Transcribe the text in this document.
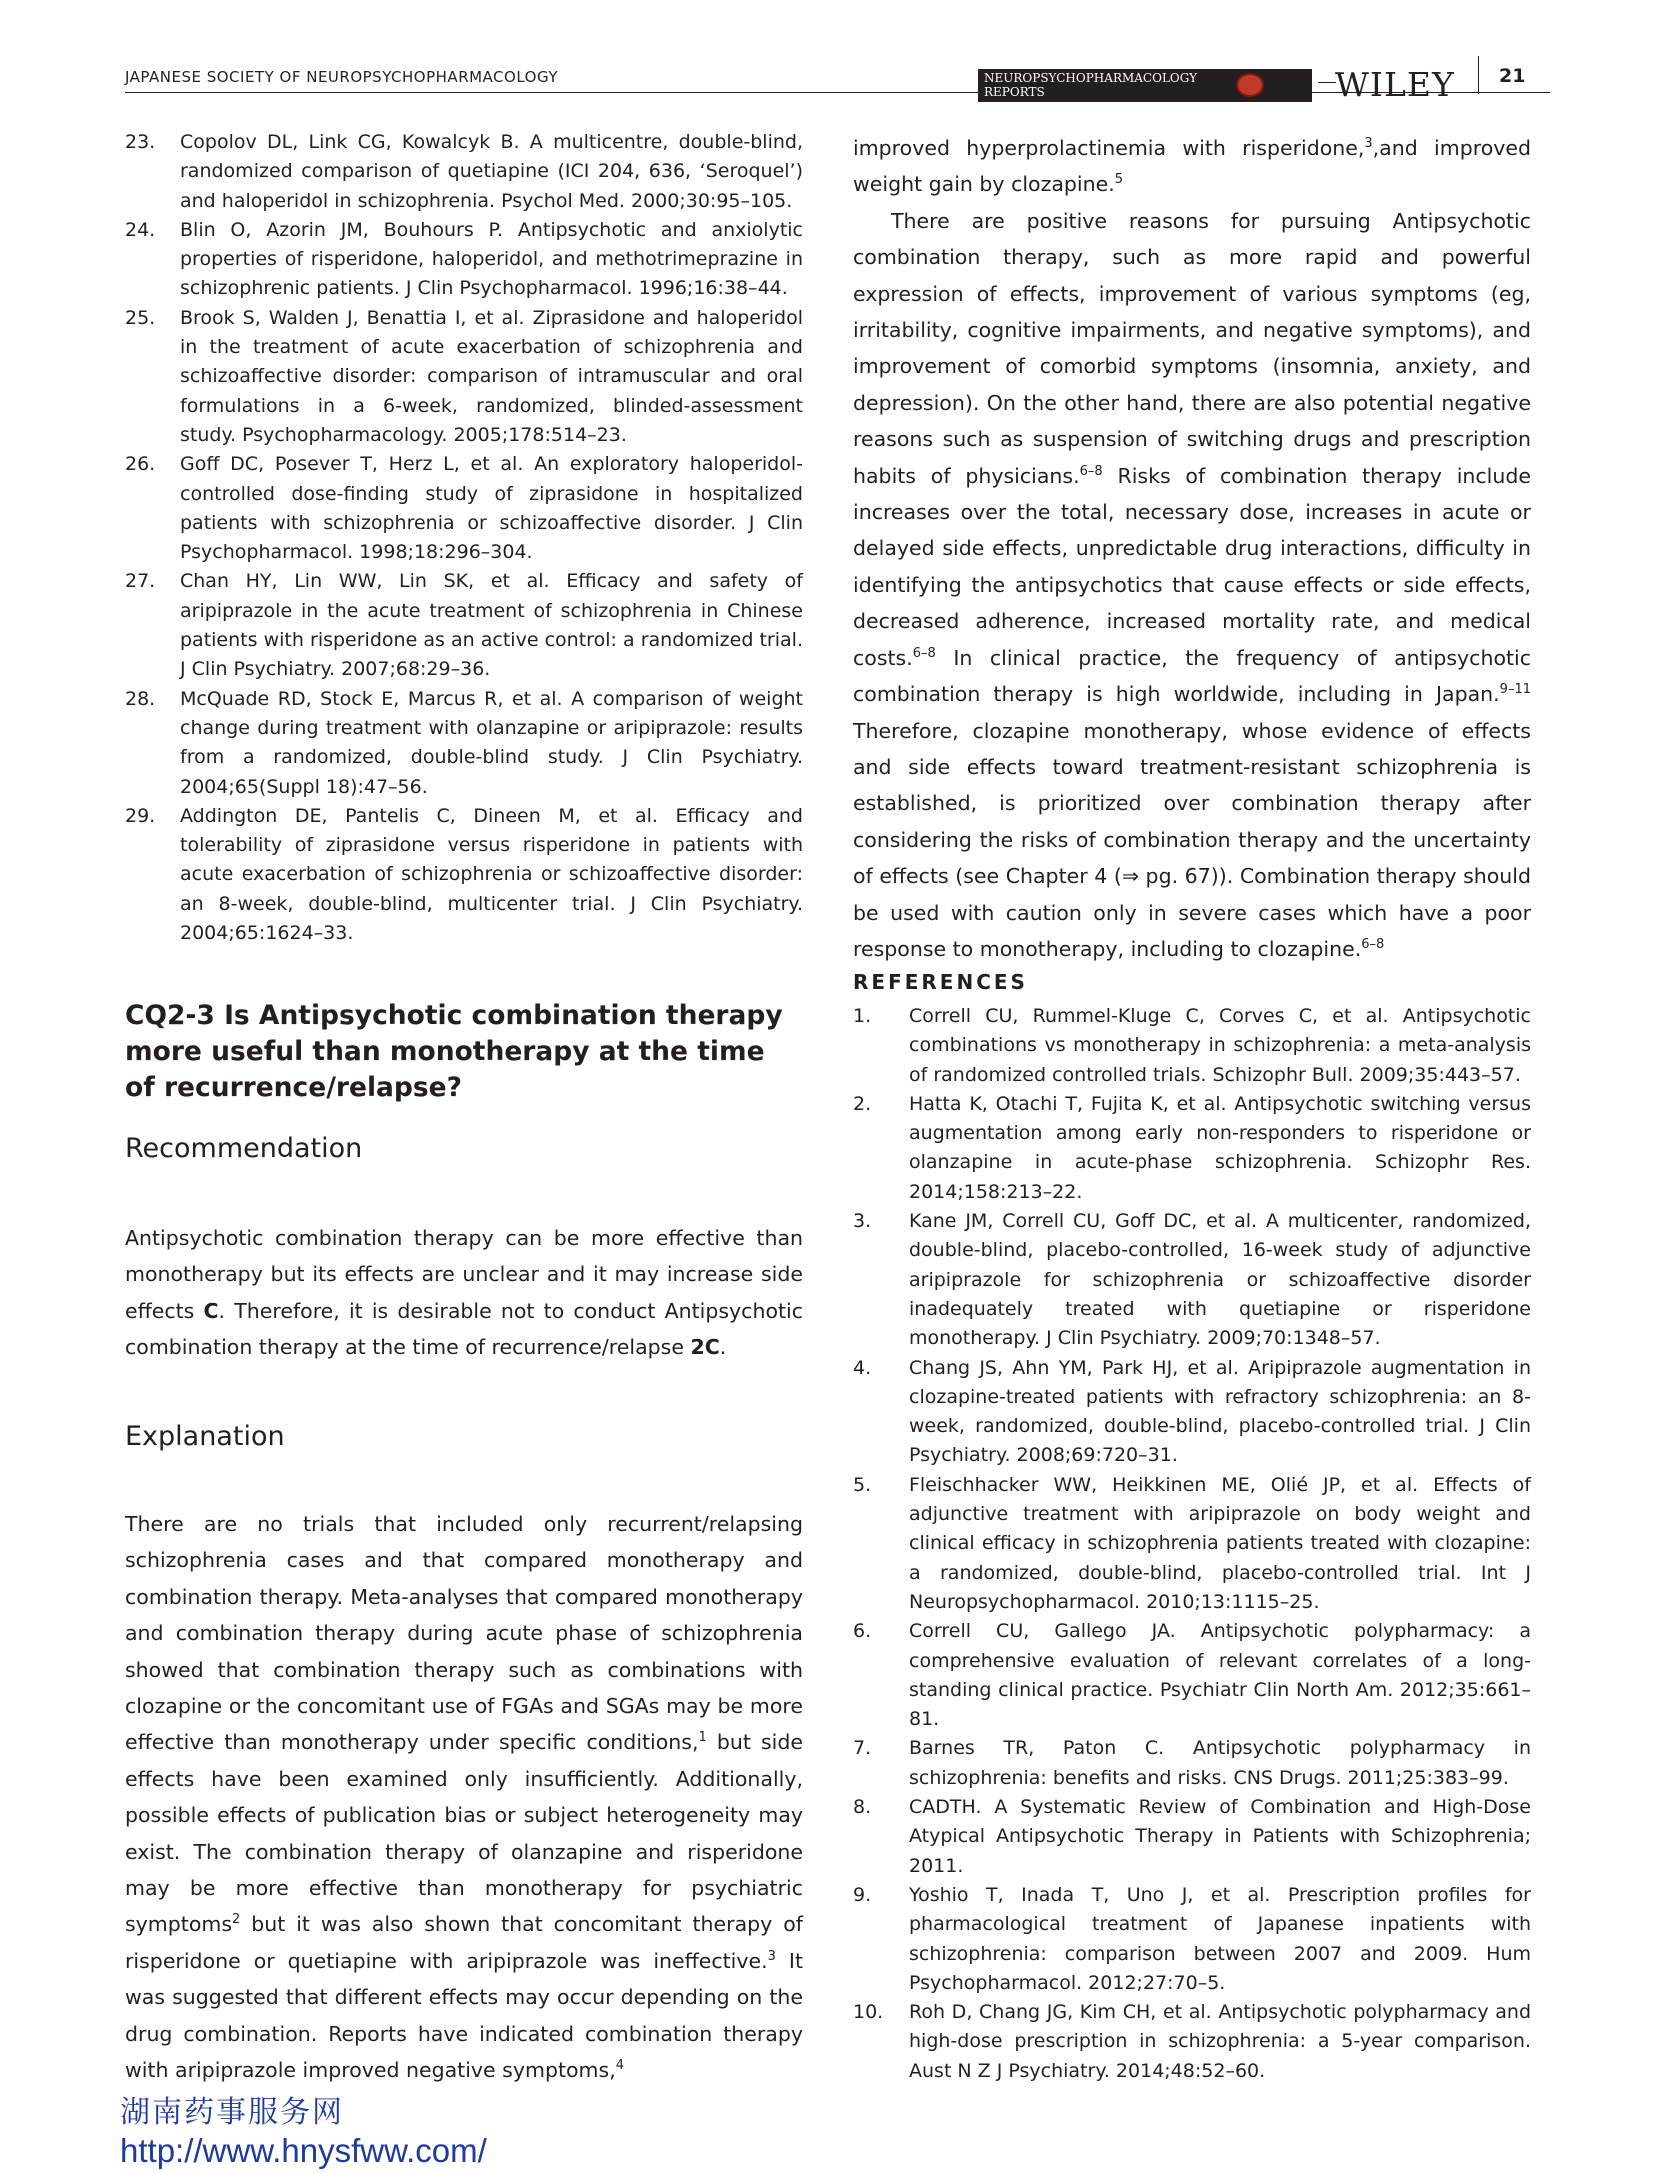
JAPANESE SOCIETY OF NEUROPSYCHOPHARMACOLOGY	NEUROPSYCHOPHARMACOLOGY
REPORTS	WILEY 21
23.	Copolov DL, Link CG, Kowalcyk B. A multicentre, double-blind, randomized comparison of quetiapine (ICI 204, 636, ‘Seroquel’) and haloperidol in schizophrenia. Psychol Med. 2000;30:95–105.
24.	Blin O, Azorin JM, Bouhours P. Antipsychotic and anxiolytic properties of risperidone, haloperidol, and methotrimeprazine in schizophrenic patients. J Clin Psychopharmacol. 1996;16:38–44.
25.	Brook S, Walden J, Benattia I, et al. Ziprasidone and haloperidol in the treatment of acute exacerbation of schizophrenia and schizoaffective disorder: comparison of intramuscular and oral formulations in a 6-week, randomized, blinded-assessment study. Psychopharmacology. 2005;178:514–23.
26.	Goff DC, Posever T, Herz L, et al. An exploratory haloperidol-controlled dose-finding study of ziprasidone in hospitalized patients with schizophrenia or schizoaffective disorder. J Clin Psychopharmacol. 1998;18:296–304.
27.	Chan HY, Lin WW, Lin SK, et al. Efficacy and safety of aripiprazole in the acute treatment of schizophrenia in Chinese patients with risperidone as an active control: a randomized trial. J Clin Psychiatry. 2007;68:29–36.
28.	McQuade RD, Stock E, Marcus R, et al. A comparison of weight change during treatment with olanzapine or aripiprazole: results from a randomized, double-blind study. J Clin Psychiatry. 2004;65(Suppl 18):47–56.
29.	Addington DE, Pantelis C, Dineen M, et al. Efficacy and tolerability of ziprasidone versus risperidone in patients with acute exacerbation of schizophrenia or schizoaffective disorder: an 8-week, double-blind, multicenter trial. J Clin Psychiatry. 2004;65:1624–33.
CQ2-3 Is Antipsychotic combination therapy more useful than monotherapy at the time of recurrence/relapse?
Recommendation

Antipsychotic combination therapy can be more effective than monotherapy but its effects are unclear and it may increase side effects C. Therefore, it is desirable not to conduct Antipsychotic combination therapy at the time of recurrence/relapse 2C.

Explanation

There are no trials that included only recurrent/relapsing schizophrenia cases and that compared monotherapy and combination therapy. Meta-analyses that compared monotherapy and combination therapy during acute phase of schizophrenia showed that combination therapy such as combinations with clozapine or the concomitant use of FGAs and SGAs may be more effective than monotherapy under specific conditions,$^1$ but side effects have been examined only insufficiently. Additionally, possible effects of publication bias or subject heterogeneity may exist. The combination therapy of olanzapine and risperidone may be more effective than monotherapy for psychiatric symptoms$^2$ but it was also shown that concomitant therapy of risperidone or quetiapine with aripiprazole was ineffective.$^3$ It was suggested that different effects may occur depending on the drug combination. Reports have indicated combination therapy with aripiprazole improved negative symptoms,$^4$

improved hyperprolactinemia with risperidone,$^3$,and improved weight gain by clozapine.$^5$

There are positive reasons for pursuing Antipsychotic combination therapy, such as more rapid and powerful expression of effects, improvement of various symptoms (eg, irritability, cognitive impairments, and negative symptoms), and improvement of comorbid symptoms (insomnia, anxiety, and depression). On the other hand, there are also potential negative reasons such as suspension of switching drugs and prescription habits of physicians.$^{6-8}$ Risks of combination therapy include increases over the total, necessary dose, increases in acute or delayed side effects, unpredictable drug interactions, difficulty in identifying the antipsychotics that cause effects or side effects, decreased adherence, increased mortality rate, and medical costs.$^{6-8}$ In clinical practice, the frequency of antipsychotic combination therapy is high worldwide, including in Japan.$^{9-11}$ Therefore, clozapine monotherapy, whose evidence of effects and side effects toward treatment-resistant schizophrenia is established, is prioritized over combination therapy after considering the risks of combination therapy and the uncertainty of effects (see Chapter 4 (⇒ pg. 67)). Combination therapy should be used with caution only in severe cases which have a poor response to monotherapy, including to clozapine.$^{6-8}$

REFERENCES
1.	Correll CU, Rummel-Kluge C, Corves C, et al. Antipsychotic combinations vs monotherapy in schizophrenia: a meta-analysis of randomized controlled trials. Schizophr Bull. 2009;35:443–57.
2.	Hatta K, Otachi T, Fujita K, et al. Antipsychotic switching versus augmentation among early non-responders to risperidone or olanzapine in acute-phase schizophrenia. Schizophr Res. 2014;158:213–22.
3.	Kane JM, Correll CU, Goff DC, et al. A multicenter, randomized, double-blind, placebo-controlled, 16-week study of adjunctive aripiprazole for schizophrenia or schizoaffective disorder inadequately treated with quetiapine or risperidone monotherapy. J Clin Psychiatry. 2009;70:1348–57.
4.	Chang JS, Ahn YM, Park HJ, et al. Aripiprazole augmentation in clozapine-treated patients with refractory schizophrenia: an 8-week, randomized, double-blind, placebo-controlled trial. J Clin Psychiatry. 2008;69:720–31.
5.	Fleischhacker WW, Heikkinen ME, Olié JP, et al. Effects of adjunctive treatment with aripiprazole on body weight and clinical efficacy in schizophrenia patients treated with clozapine: a randomized, double-blind, placebo-controlled trial. Int J Neuropsychopharmacol. 2010;13:1115–25.
6.	Correll CU, Gallego JA. Antipsychotic polypharmacy: a comprehensive evaluation of relevant correlates of a long-standing clinical practice. Psychiatr Clin North Am. 2012;35:661–81.
7.	Barnes TR, Paton C. Antipsychotic polypharmacy in schizophrenia: benefits and risks. CNS Drugs. 2011;25:383–99.
8.	CADTH. A Systematic Review of Combination and High-Dose Atypical Antipsychotic Therapy in Patients with Schizophrenia; 2011.
9.	Yoshio T, Inada T, Uno J, et al. Prescription profiles for pharmacological treatment of Japanese inpatients with schizophrenia: comparison between 2007 and 2009. Hum Psychopharmacol. 2012;27:70–5.
10.	Roh D, Chang JG, Kim CH, et al. Antipsychotic polypharmacy and high-dose prescription in schizophrenia: a 5-year comparison. Aust N Z J Psychiatry. 2014;48:52–60.
湖南药事服务网
http://www.hnysfww.com/
